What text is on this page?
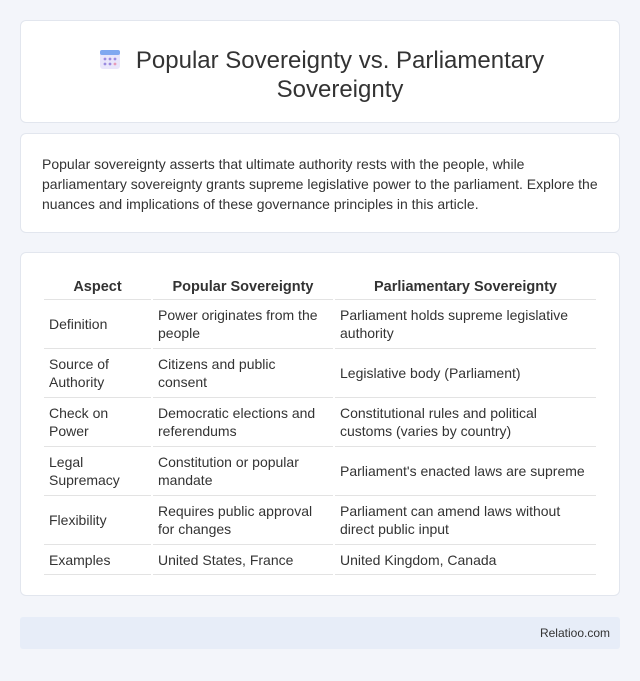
Popular Sovereignty vs. Parliamentary Sovereignty

Popular sovereignty asserts that ultimate authority rests with the people, while parliamentary sovereignty grants supreme legislative power to the parliament. Explore the nuances and implications of these governance principles in this article.

Aspect	Popular Sovereignty	Parliamentary Sovereignty
Definition	Power originates from the people	Parliament holds supreme legislative authority
Source of Authority	Citizens and public consent	Legislative body (Parliament)
Check on Power	Democratic elections and referendums	Constitutional rules and political customs (varies by country)
Legal Supremacy	Constitution or popular mandate	Parliament's enacted laws are supreme
Flexibility	Requires public approval for changes	Parliament can amend laws without direct public input
Examples	United States, France	United Kingdom, Canada
Relatioo.com
